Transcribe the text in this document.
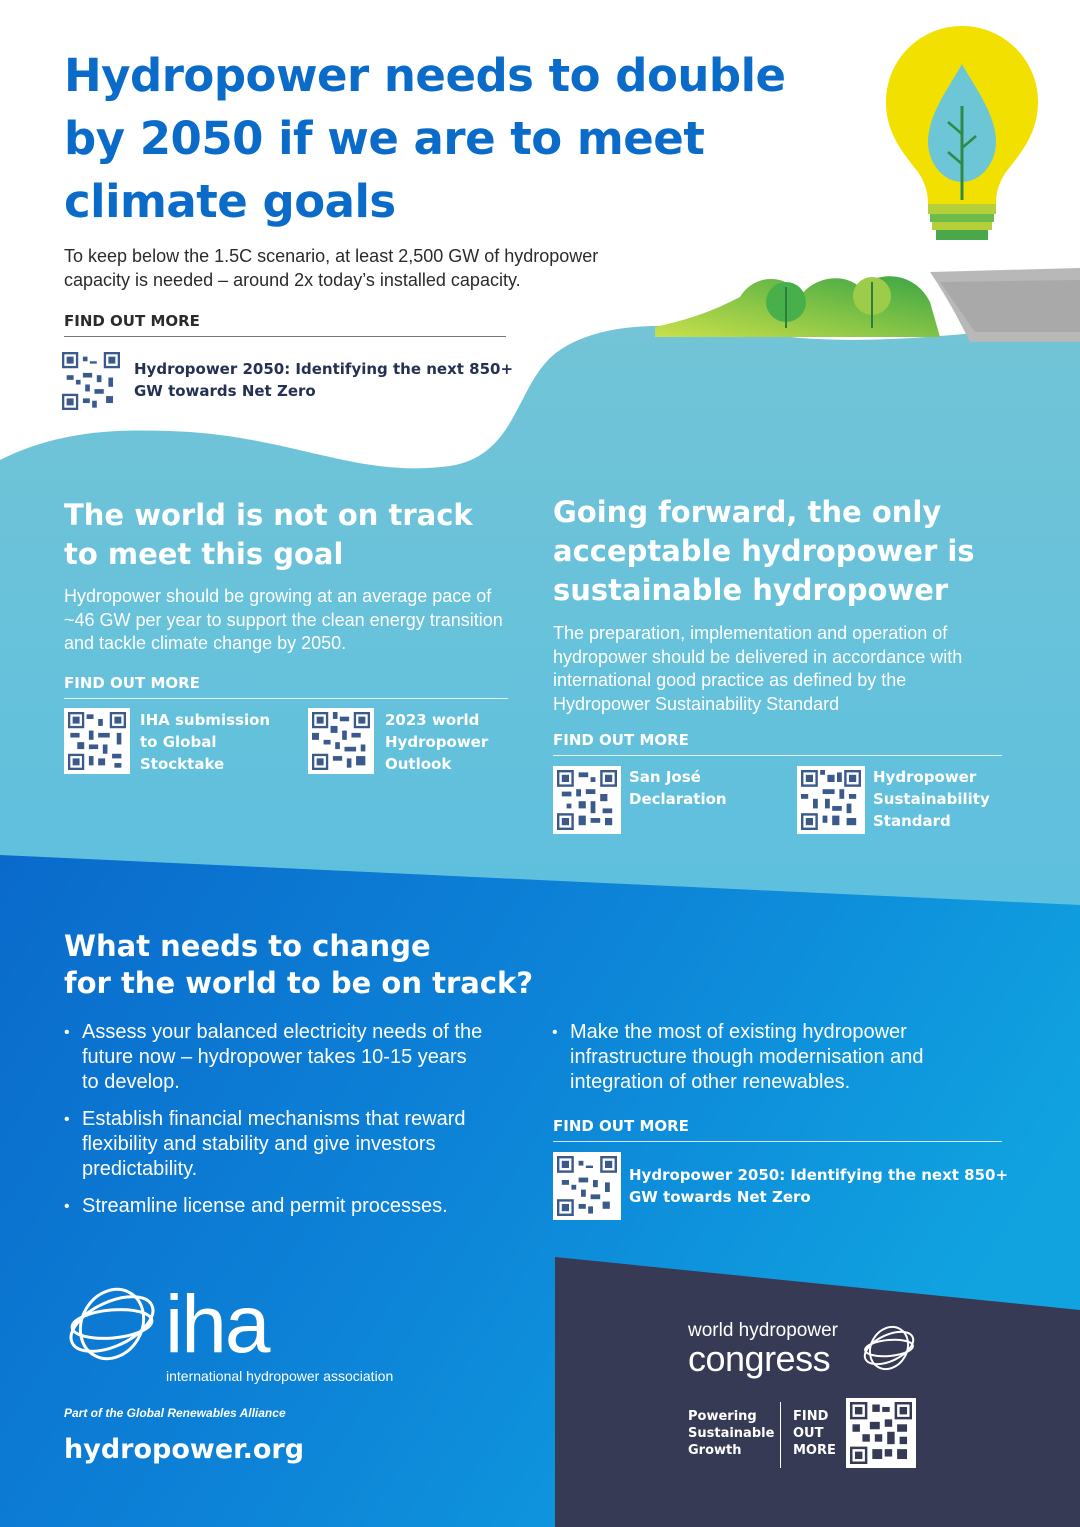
Hydropower needs to double by 2050 if we are to meet climate goals
To keep below the 1.5C scenario, at least 2,500 GW of hydropower capacity is needed – around 2x today’s installed capacity.
FIND OUT MORE
Hydropower 2050: Identifying the next 850+ GW towards Net Zero
The world is not on track
to meet this goal
Hydropower should be growing at an average pace of ~46 GW per year to support the clean energy transition and tackle climate change by 2050.
FIND OUT MORE
IHA submission to Global Stocktake
2023 world Hydropower Outlook
Going forward, the only acceptable hydropower is sustainable hydropower
The preparation, implementation and operation of hydropower should be delivered in accordance with international good practice as defined by the Hydropower Sustainability Standard
FIND OUT MORE
San José Declaration
Hydropower Sustainability Standard
What needs to change
for the world to be on track?
• Assess your balanced electricity needs of the future now – hydropower takes 10-15 years to develop.
• Establish financial mechanisms that reward flexibility and stability and give investors predictability.
• Streamline license and permit processes.
• Make the most of existing hydropower infrastructure though modernisation and integration of other renewables.
FIND OUT MORE
Hydropower 2050: Identifying the next 850+ GW towards Net Zero
iha
international hydropower association
Part of the Global Renewables Alliance
hydropower.org
world hydropower
congress
Powering
Sustainable
Growth
FIND
OUT
MORE
